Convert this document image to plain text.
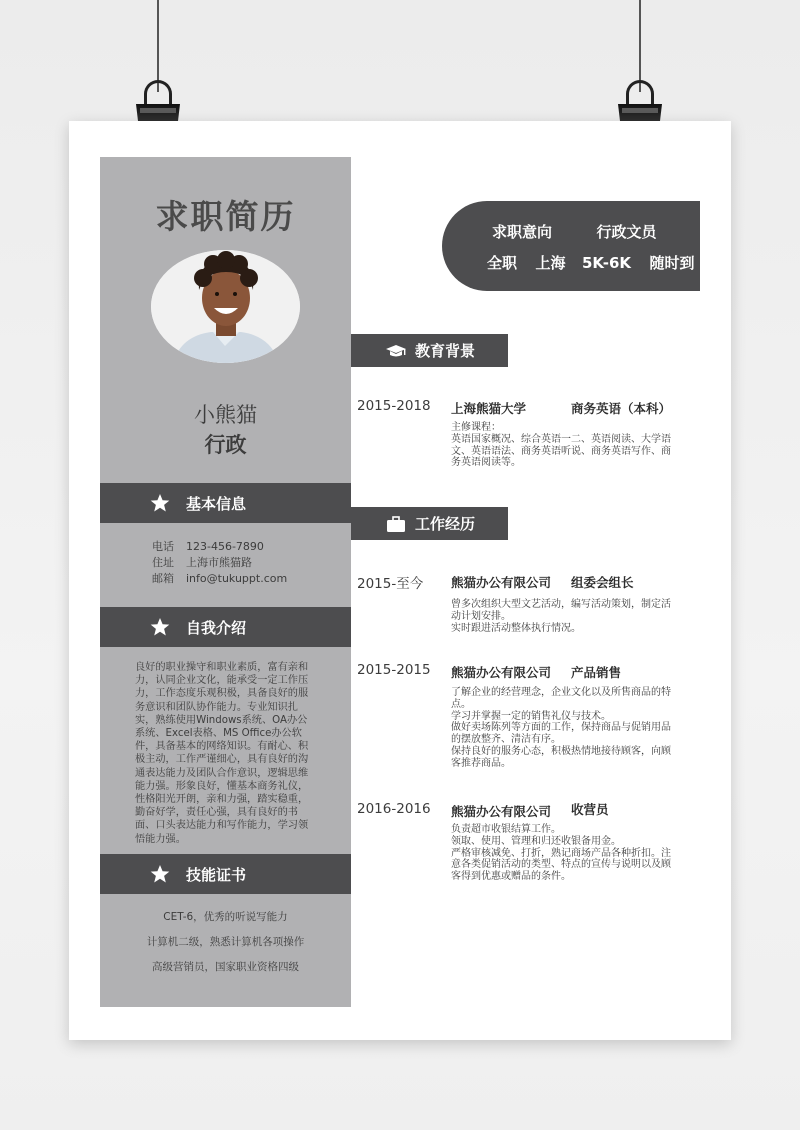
求职简历
小熊猫
行政
基本信息
电话	123-456-7890
住址	上海市熊猫路
邮箱	info@tukuppt.com
自我介绍
良好的职业操守和职业素质，富有亲和力，认同企业文化，能承受一定工作压力，工作态度乐观积极，具备良好的服务意识和团队协作能力。专业知识扎实，熟练使用Windows系统、OA办公系统、Excel表格、MS Office办公软件，具备基本的网络知识。有耐心、积极主动，工作严谨细心，具有良好的沟通表达能力及团队合作意识，逻辑思维能力强。形象良好，懂基本商务礼仪，性格阳光开朗，亲和力强，踏实稳重，勤奋好学，责任心强，具有良好的书面、口头表达能力和写作能力，学习领悟能力强。
技能证书
CET-6，优秀的听说写能力
计算机二级，熟悉计算机各项操作
高级营销员，国家职业资格四级
求职意向	行政文员
全职 上海 5K-6K 随时到
教育背景
2015-2018 上海熊猫大学	商务英语（本科）
主修课程：
英语国家概况、综合英语一二、英语阅读、大学语文、英语语法、商务英语听说、商务英语写作、商务英语阅读等。
工作经历
2015-至今 熊猫办公有限公司 组委会组长
曾多次组织大型文艺活动，编写活动策划，制定活动计划安排。
实时跟进活动整体执行情况。
2015-2015 熊猫办公有限公司 产品销售
了解企业的经营理念，企业文化以及所售商品的特点。
学习并掌握一定的销售礼仪与技术。
做好卖场陈列等方面的工作，保持商品与促销用品的摆放整齐、清洁有序。
保持良好的服务心态，积极热情地接待顾客，向顾客推荐商品。
2016-2016 熊猫办公有限公司 收营员
负责超市收银结算工作。
领取、使用、管理和归还收银备用金。
严格审核减免、打折，熟记商场产品各种折扣。注意各类促销活动的类型、特点的宣传与说明以及顾客得到优惠或赠品的条件。
